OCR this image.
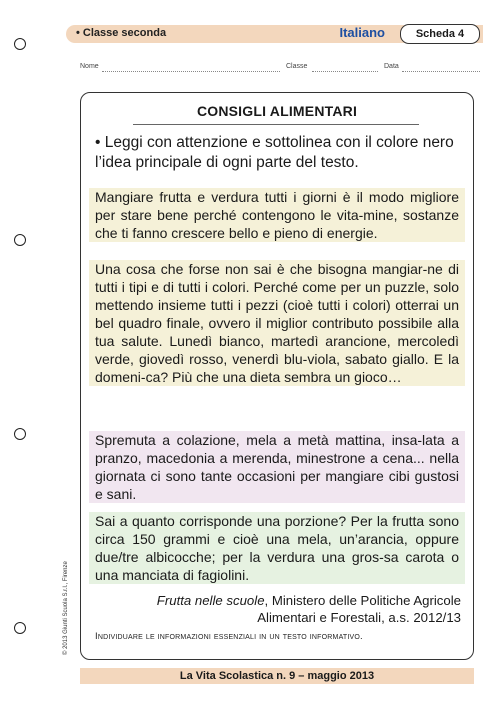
• Classe seconda	Italiano	Scheda 4
Nome	Classe	Data
CONSIGLI ALIMENTARI
• Leggi con attenzione e sottolinea con il colore nero l’idea principale di ogni parte del testo.

Mangiare frutta e verdura tutti i giorni è il modo migliore per stare bene perché contengono le vita-mine, sostanze che ti fanno crescere bello e pieno di energie.

Una cosa che forse non sai è che bisogna mangiar-ne di tutti i tipi e di tutti i colori. Perché come per un puzzle, solo mettendo insieme tutti i pezzi (cioè tutti i colori) otterrai un bel quadro finale, ovvero il miglior contributo possibile alla tua salute. Lunedì bianco, martedì arancione, mercoledì verde, giovedì rosso, venerdì blu-viola, sabato giallo. E la domeni-ca? Più che una dieta sembra un gioco…

Spremuta a colazione, mela a metà mattina, insa-lata a pranzo, macedonia a merenda, minestrone a cena... nella giornata ci sono tante occasioni per mangiare cibi gustosi e sani.

Sai a quanto corrisponde una porzione? Per la frutta sono circa 150 grammi e cioè una mela, un’arancia, oppure due/tre albicocche; per la verdura una gros-sa carota o una manciata di fagiolini.

Frutta nelle scuole, Ministero delle Politiche Agricole
Alimentari e Forestali, a.s. 2012/13
Individuare le informazioni essenziali in un testo informativo.
© 2013 Giunti Scuola S.r.l., Firenze
La Vita Scolastica n. 9 – maggio 2013
